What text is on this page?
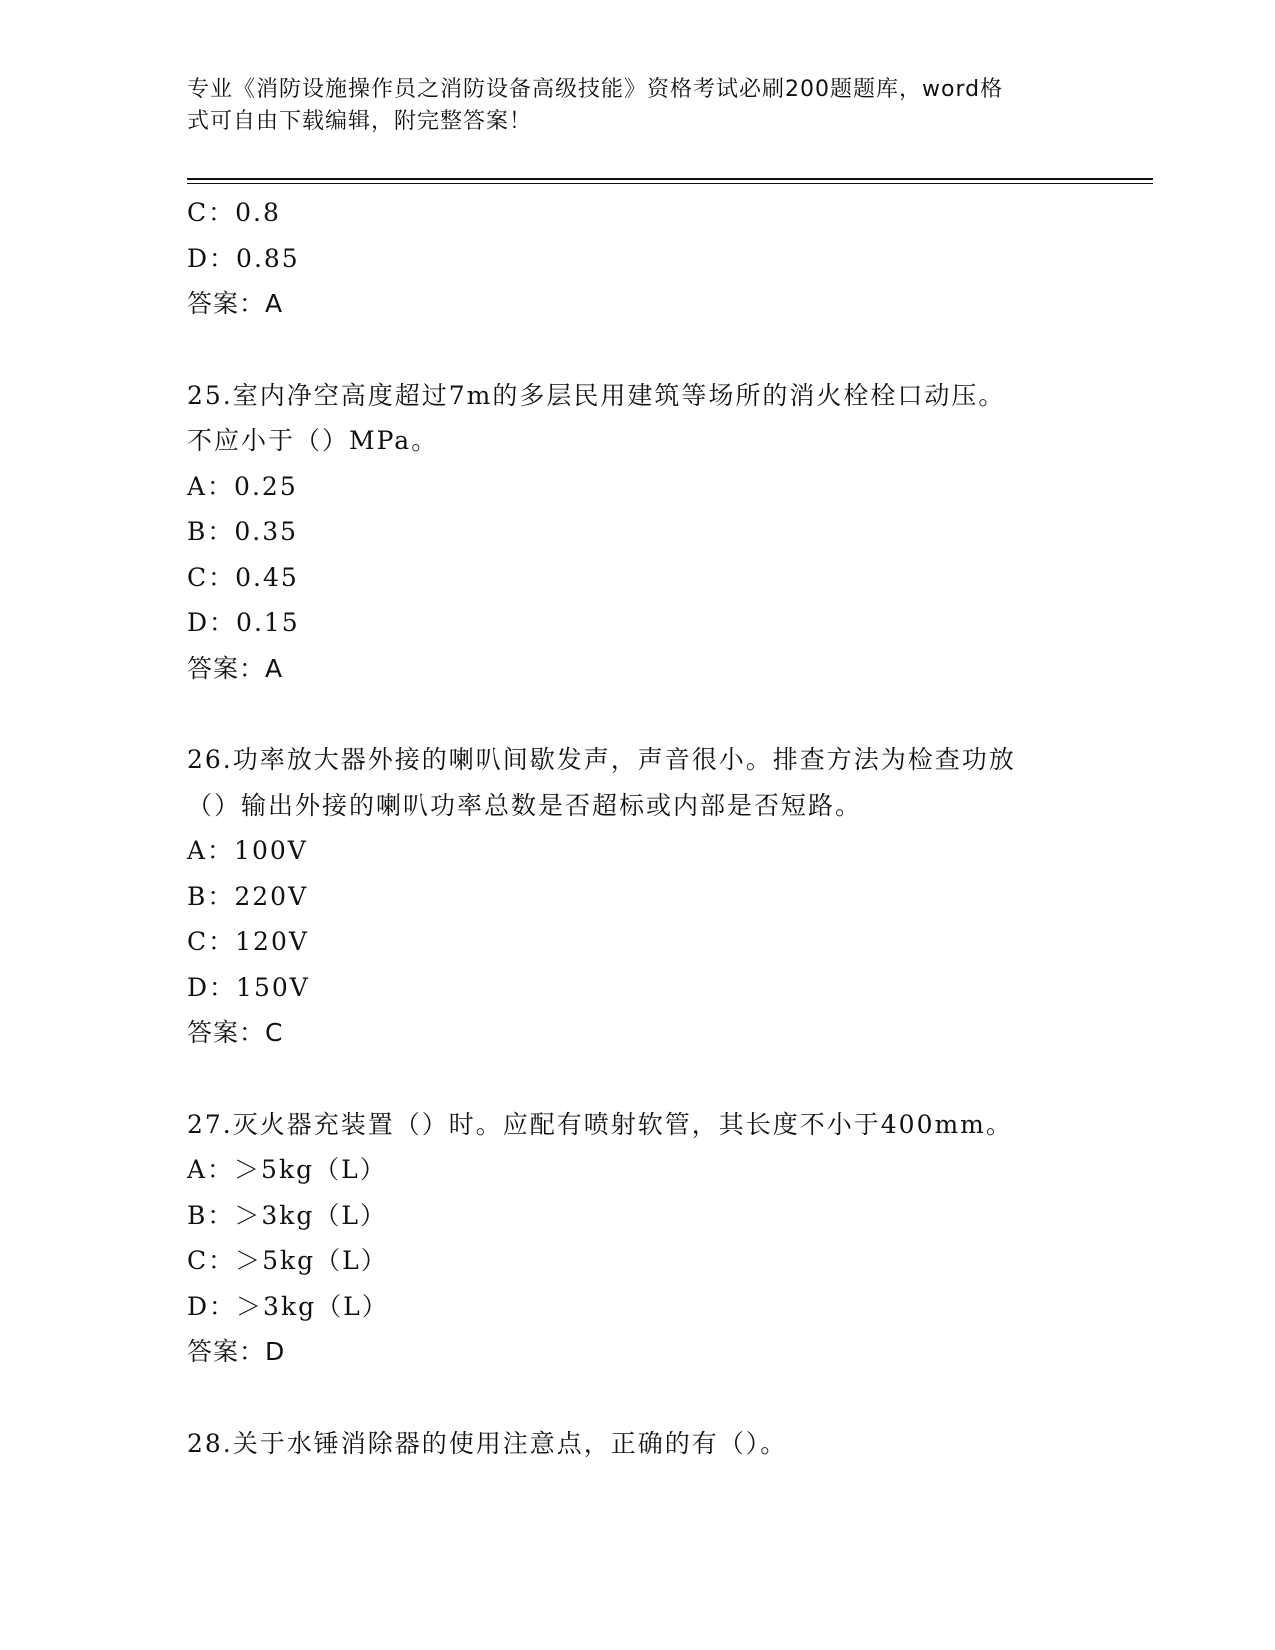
专业《消防设施操作员之消防设备高级技能》资格考试必刷200题题库，word格
式可自由下载编辑，附完整答案！
C：0.8
D：0.85
答案：A
25.室内净空高度超过7m的多层民用建筑等场所的消火栓栓口动压。
不应小于（）MPa。
A：0.25
B：0.35
C：0.45
D：0.15
答案：A
26.功率放大器外接的喇叭间歇发声，声音很小。排查方法为检查功放
（）输出外接的喇叭功率总数是否超标或内部是否短路。
A：100V
B：220V
C：120V
D：150V
答案：C
27.灭火器充装置（）时。应配有喷射软管，其长度不小于400mm。
A：＞5kg（L）
B：＞3kg（L）
C：＞5kg（L）
D：＞3kg（L）
答案：D
28.关于水锤消除器的使用注意点，正确的有（）。
